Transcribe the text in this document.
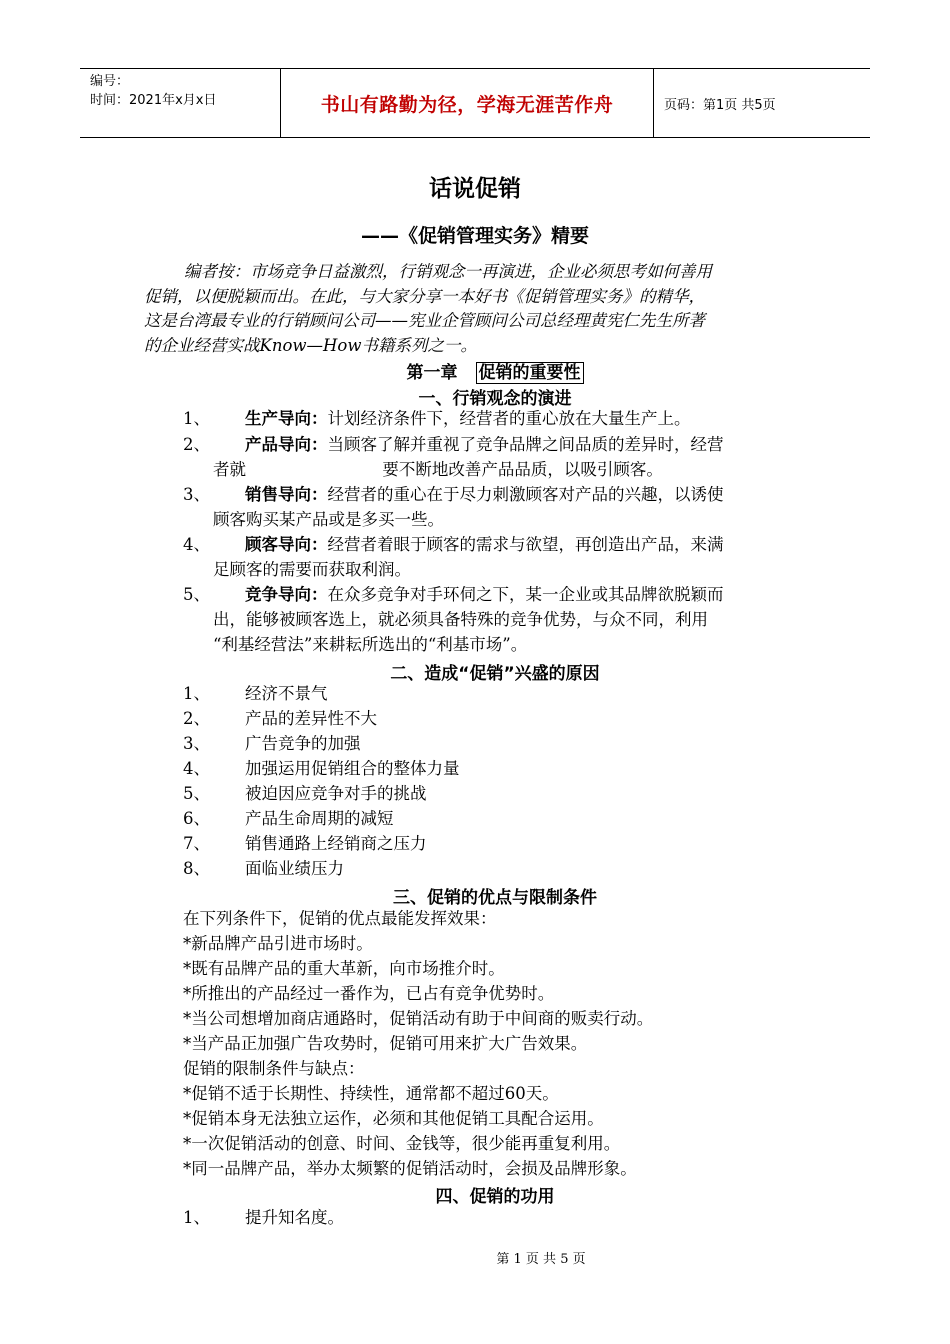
编号：
时间：2021年x月x日	书山有路勤为径，学海无涯苦作舟	页码：第1页 共5页
话说促销
——《促销管理实务》精要
编者按：市场竞争日益激烈，行销观念一再演进，企业必须思考如何善用
促销，以便脱颖而出。在此，与大家分享一本好书《促销管理实务》的精华，
这是台湾最专业的行销顾问公司——宪业企管顾问公司总经理黄宪仁先生所著
的企业经营实战Know—How书籍系列之一。
第一章 促销的重要性
一、行销观念的演进
1、	生产导向：计划经济条件下，经营者的重心放在大量生产上。
2、	产品导向：当顾客了解并重视了竞争品牌之间品质的差异时，经营
者就                          要不断地改善产品品质，以吸引顾客。
3、	销售导向：经营者的重心在于尽力刺激顾客对产品的兴趣，以诱使
顾客购买某产品或是多买一些。
4、	顾客导向：经营者着眼于顾客的需求与欲望，再创造出产品，来满
足顾客的需要而获取利润。
5、	竞争导向：在众多竞争对手环伺之下，某一企业或其品牌欲脱颖而
出，能够被顾客选上，就必须具备特殊的竞争优势，与众不同，利用
“利基经营法”来耕耘所选出的“利基市场”。
二、造成“促销”兴盛的原因
1、	经济不景气
2、	产品的差异性不大
3、	广告竞争的加强
4、	加强运用促销组合的整体力量
5、	被迫因应竞争对手的挑战
6、	产品生命周期的减短
7、	销售通路上经销商之压力
8、	面临业绩压力
三、促销的优点与限制条件
在下列条件下，促销的优点最能发挥效果：
*新品牌产品引进市场时。
*既有品牌产品的重大革新，向市场推介时。
*所推出的产品经过一番作为，已占有竞争优势时。
*当公司想增加商店通路时，促销活动有助于中间商的贩卖行动。
*当产品正加强广告攻势时，促销可用来扩大广告效果。
促销的限制条件与缺点：
*促销不适于长期性、持续性，通常都不超过60天。
*促销本身无法独立运作，必须和其他促销工具配合运用。
*一次促销活动的创意、时间、金钱等，很少能再重复利用。
*同一品牌产品，举办太频繁的促销活动时，会损及品牌形象。
四、促销的功用
1、	提升知名度。
第 1 页 共 5 页
